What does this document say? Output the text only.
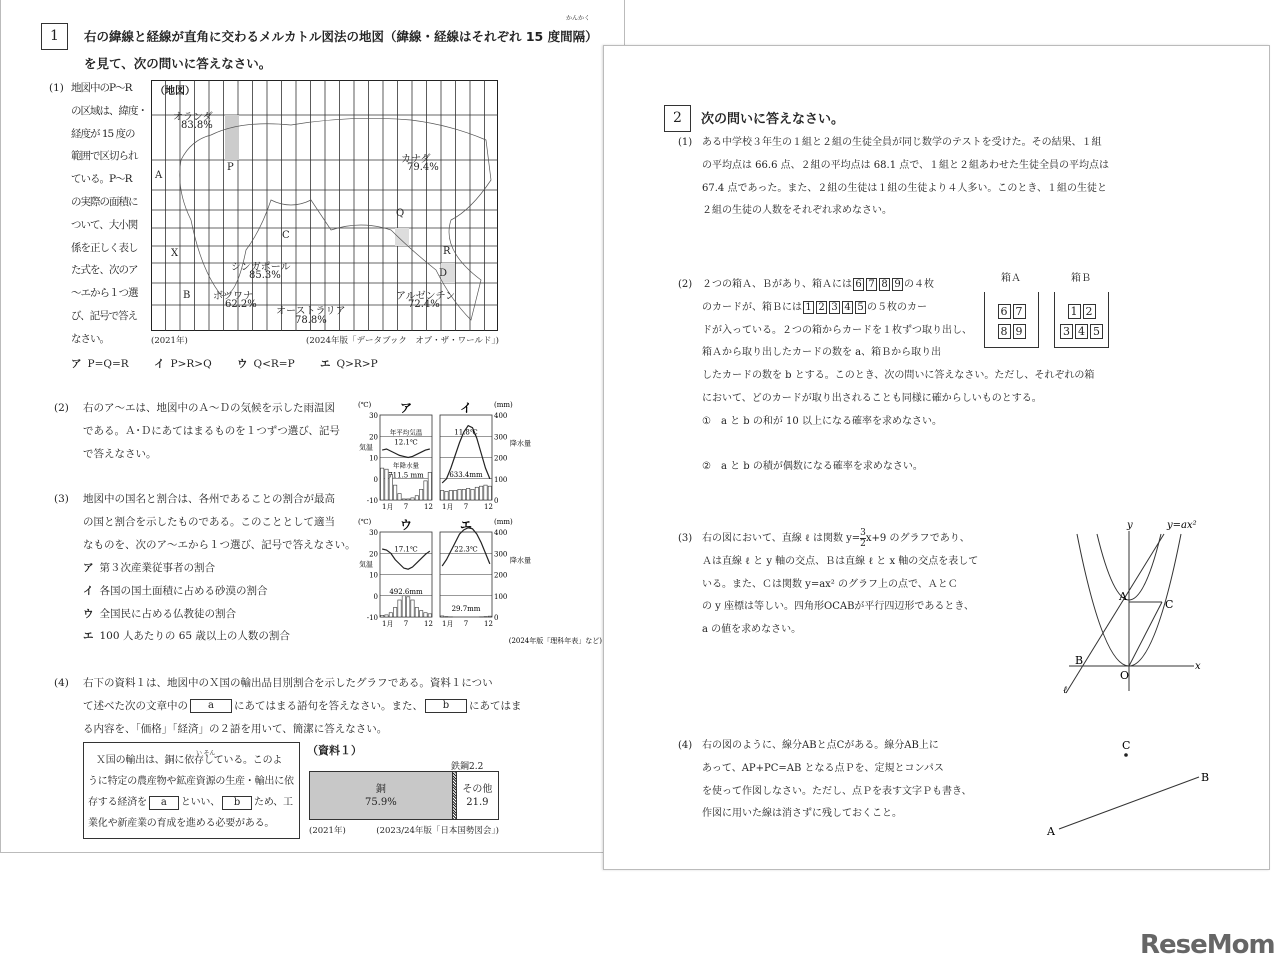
1
かんかく
右の緯線と経線が直角に交わるメルカトル図法の地図（緯線・経線はそれぞれ 15 度間隔）
を見て、次の問いに答えなさい。
(1) 地図中のP～R
の区域は、緯度・
経度が 15 度の
範囲で区切られ
ている。P～R
の実際の面積に
ついて、大小関
係を正しく表し
た式を、次のア
～エから１つ選
び、記号で答え
なさい。
（地図）
オランダ
83.8%
カナダ
79.4%
シンガポール
85.3%
ボツワナ
62.2%
オーストラリア
78.8%
アルゼンチン
72.4%
P
Q
R
A
B
C
D
X
(2021年)	(2024年版「データブック　オブ・ザ・ワールド」)
ア P=Q=R イ P>R>Q ウ Q<R=P エ Q>R>P
(2) 右のア～エは、地図中のＡ～Ｄの気候を示した雨温図
である。Ａ･Ｄにあてはまるものを１つずつ選び、記号
で答えなさい。
(3) 地図中の国名と割合は、各州であることの割合が最高
の国と割合を示したものである。このこととして適当
なものを、次のア～エから１つ選び、記号で答えなさい。
ア 第３次産業従事者の割合
イ 各国の国土面積に占める砂漠の割合
ウ 全国民に占める仏教徒の割合
エ 100 人あたりの 65 歳以上の人数の割合
ア
年平均気温
12.1℃
年降水量
711.5 mm
1月 7 12
30
20
10
0
-10
(℃)
気温
イ
11.8℃
633.4mm
1月 7 12
400
300
200
100
0
(mm)
降水量
ウ
17.1℃
492.6mm
1月 7 12
30
20
10
0
-10
(℃)
気温
エ
22.3℃
29.7mm
1月 7 12
400
300
200
100
0
(mm)
降水量
(2024年版「理科年表」など)
(4) 右下の資料１は、地図中のＸ国の輸出品目別割合を示したグラフである。資料１につい
て述べた次の文章中の a にあてはまる語句を答えなさい。また、 b にあてはま
る内容を、「価格」「経済」の２語を用いて、簡潔に答えなさい。
い そん
Ｘ国の輸出は、銅に依存している。このよ
うに特定の農産物や鉱産資源の生産・輸出に依
存する経済を a といい、 b ため、工
業化や新産業の育成を進める必要がある。
（資料１）
銅
75.9%
その他
21.9
鉄鋼2.2
(2021年)	(2023/24年版「日本国勢図会」)
2	次の問いに答えなさい。
(1) ある中学校３年生の１組と２組の生徒全員が同じ数学のテストを受けた。その結果、１組
の平均点は 66.6 点、２組の平均点は 68.1 点で、１組と２組あわせた生徒全員の平均点は
67.4 点であった。また、２組の生徒は１組の生徒より４人多い。このとき、１組の生徒と
２組の生徒の人数をそれぞれ求めなさい。
(2) ２つの箱Ａ、Ｂがあり、箱Ａには 6 7 8 9 の４枚
のカードが、箱Ｂには 1 2 3 4 5 の５枚のカー
ドが入っている。２つの箱からカードを１枚ずつ取り出し、
箱Ａから取り出したカードの数を a、箱Ｂから取り出
したカードの数を b とする。このとき、次の問いに答えなさい。ただし、それぞれの箱
において、どのカードが取り出されることも同様に確からしいものとする。
①　a と b の和が 10 以上になる確率を求めなさい。
②　a と b の積が偶数になる確率を求めなさい。
箱Ａ	箱Ｂ
6 7
8 9
1 2
3 4 5
(3) 右の図において、直線 ℓ は関数 $y= \frac{3}{2} x+9$ のグラフであり、
Ａは直線 ℓ と y 軸の交点、Ｂは直線 ℓ と x 軸の交点を表して
いる。また、Ｃは関数 y=ax² のグラフ上の点で、ＡとＣ
の y 座標は等しい。四角形OCABが平行四辺形であるとき、
a の値を求めなさい。
y	y=ax²
A
C
B
O
x
ℓ
(4) 右の図のように、線分ABと点Cがある。線分AB上に
あって、AP+PC=AB となる点Ｐを、定規とコンパス
を使って作図しなさい。ただし、点Ｐを表す文字Ｐも書き、
作図に用いた線は消さずに残しておくこと。
C
A
B
ReseMom
